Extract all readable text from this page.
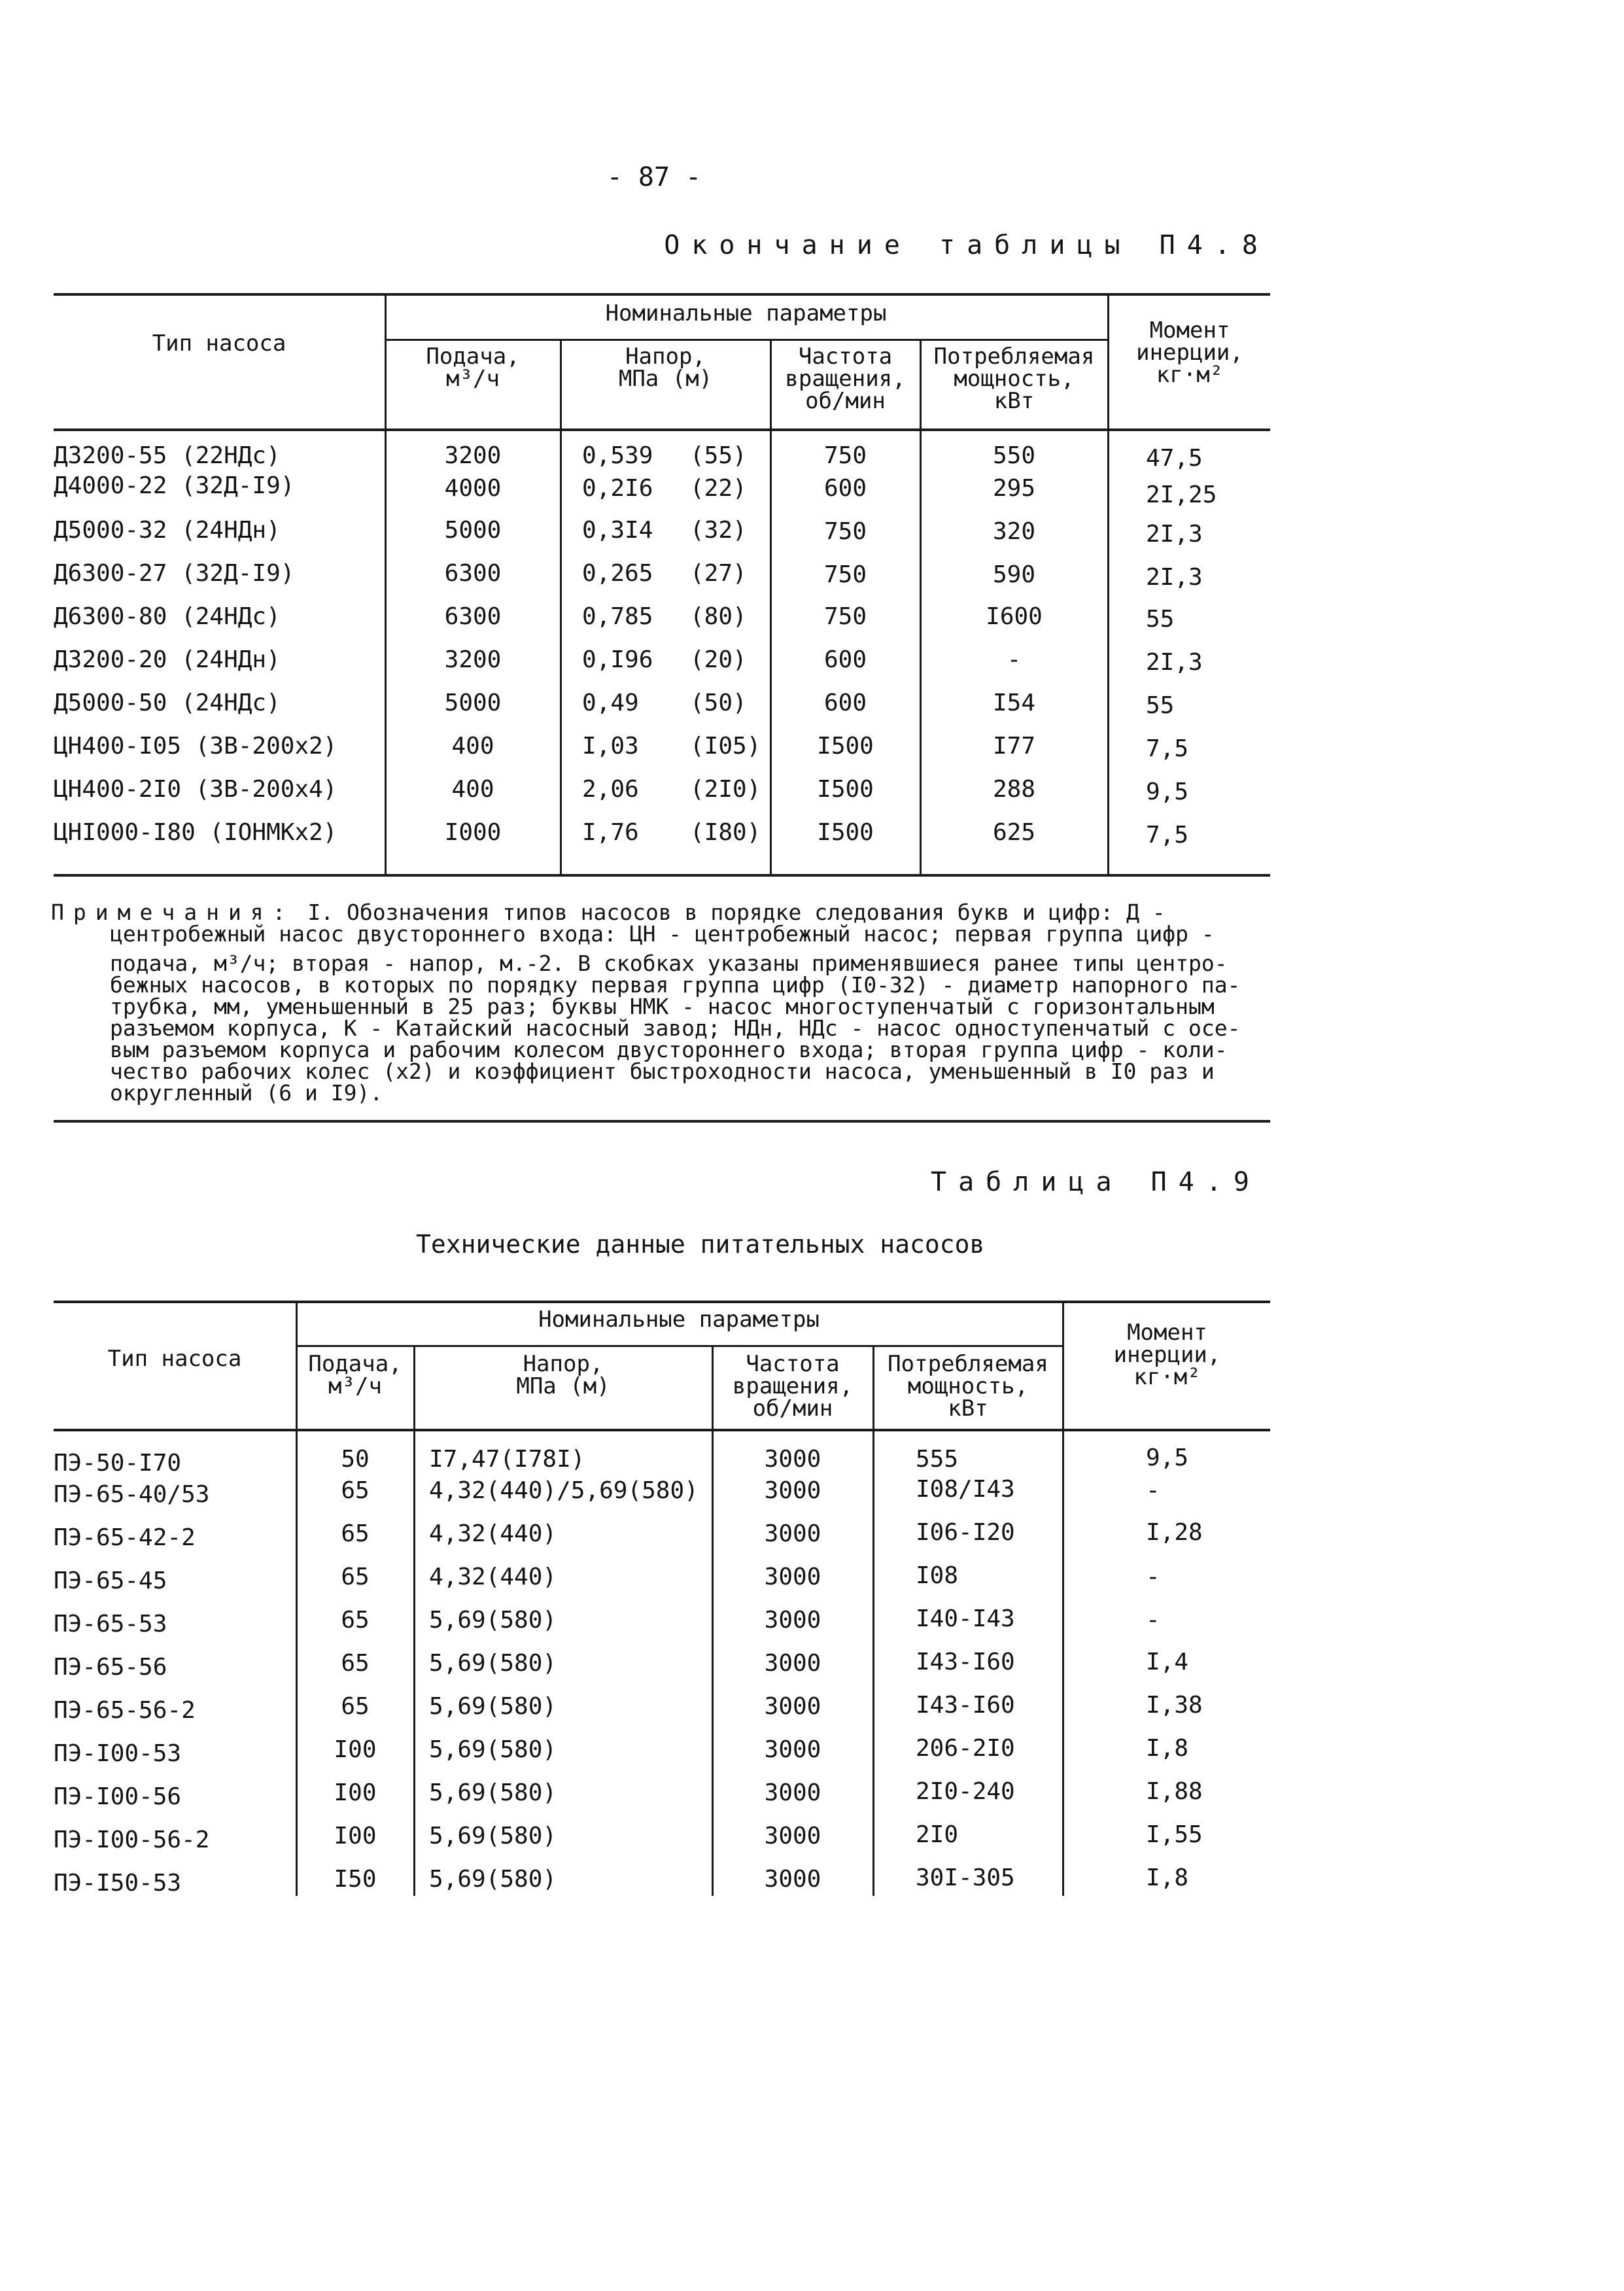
- 87 -
Окончание таблицы П4.8
Тип насоса
Номинальные параметры
Подача,
м³/ч
Напор,
МПа (м)
Частота
вращения,
об/мин
Потребляемая
мощность,
кВт
Момент
инерции,
кг·м²
Д3200-55 (22НДс)	3200	0,539 (55)	750	550	47,5
Д4000-22 (32Д-I9)	4000	0,2I6 (22)	600	295	2I,25
Д5000-32 (24НДн)	5000	0,3I4 (32)	750	320	2I,3
Д6300-27 (32Д-I9)	6300	0,265 (27)	750	590	2I,3
Д6300-80 (24НДс)	6300	0,785 (80)	750	I600	55
Д3200-20 (24НДн)	3200	0,I96 (20)	600	-	2I,3
Д5000-50 (24НДс)	5000	0,49 (50)	600	I54	55
ЦН400-I05 (3В-200х2)	400	I,03 (I05)	I500	I77	7,5
ЦН400-2I0 (3В-200х4)	400	2,06 (2I0)	I500	288	9,5
ЦНI000-I80 (IОНМКх2)	I000	I,76 (I80)	I500	625	7,5

Примечания: I. Обозначения типов насосов в порядке следования букв и цифр: Д -

центробежный насос двустороннего входа: ЦН - центробежный насос; первая группа цифр -

подача, м³/ч; вторая - напор, м.-2. В скобках указаны применявшиеся ранее типы центро-

бежных насосов, в которых по порядку первая группа цифр (I0-32) - диаметр напорного па-

трубка, мм, уменьшенный в 25 раз; буквы НМК - насос многоступенчатый с горизонтальным

разъемом корпуса, К - Катайский насосный завод; НДн, НДс - насос одноступенчатый с осе-

вым разъемом корпуса и рабочим колесом двустороннего входа; вторая группа цифр - коли-

чество рабочих колес (х2) и коэффициент быстроходности насоса, уменьшенный в I0 раз и

округленный (6 и I9).

Таблица П4.9
Технические данные питательных насосов
Тип насоса
Номинальные параметры
Подача,
м³/ч
Напор,
МПа (м)
Частота
вращения,
об/мин
Потребляемая
мощность,
кВт
Момент
инерции,
кг·м²
ПЭ-50-I70	50	I7,47(I78I)	3000	555	9,5
ПЭ-65-40/53	65	4,32(440)/5,69(580)	3000	I08/I43	-
ПЭ-65-42-2	65	4,32(440)	3000	I06-I20	I,28
ПЭ-65-45	65	4,32(440)	3000	I08	-
ПЭ-65-53	65	5,69(580)	3000	I40-I43	-
ПЭ-65-56	65	5,69(580)	3000	I43-I60	I,4
ПЭ-65-56-2	65	5,69(580)	3000	I43-I60	I,38
ПЭ-I00-53	I00	5,69(580)	3000	206-2I0	I,8
ПЭ-I00-56	I00	5,69(580)	3000	2I0-240	I,88
ПЭ-I00-56-2	I00	5,69(580)	3000	2I0	I,55
ПЭ-I50-53	I50	5,69(580)	3000	30I-305	I,8
